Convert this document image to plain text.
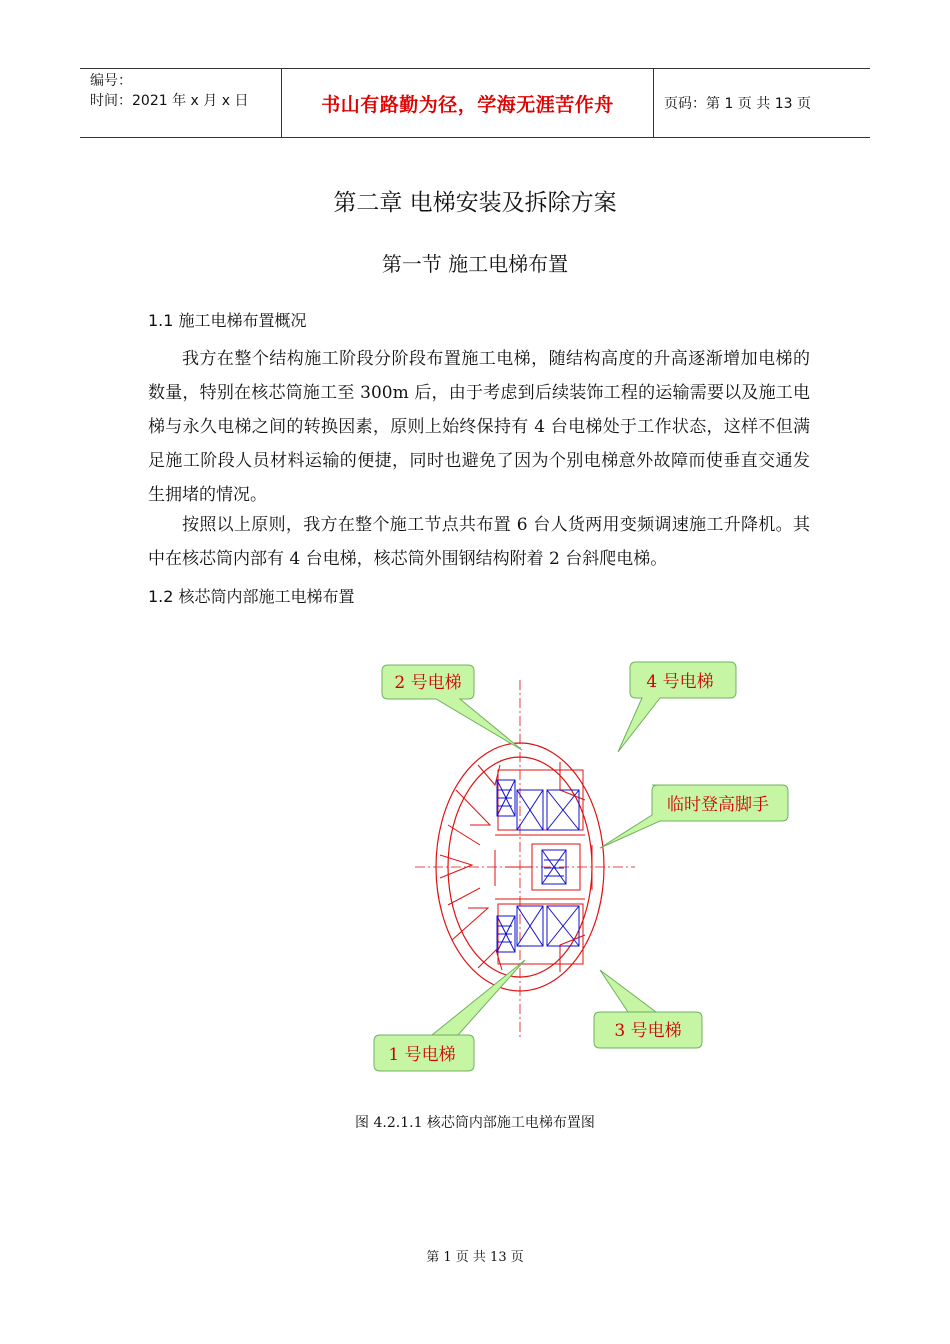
编号：
时间：2021 年 x 月 x 日	书山有路勤为径，学海无涯苦作舟	页码：第 1 页 共 13 页
第二章 电梯安装及拆除方案
第一节 施工电梯布置
1.1 施工电梯布置概况
我方在整个结构施工阶段分阶段布置施工电梯，随结构高度的升高逐渐增加电梯的数量，特别在核芯筒施工至 300m 后，由于考虑到后续装饰工程的运输需要以及施工电梯与永久电梯之间的转换因素，原则上始终保持有 4 台电梯处于工作状态，这样不但满足施工阶段人员材料运输的便捷，同时也避免了因为个别电梯意外故障而使垂直交通发生拥堵的情况。
按照以上原则，我方在整个施工节点共布置 6 台人货两用变频调速施工升降机。其中在核芯筒内部有 4 台电梯，核芯筒外围钢结构附着 2 台斜爬电梯。
1.2 核芯筒内部施工电梯布置
2 号电梯	4 号电梯
临时登高脚手
1 号电梯
3 号电梯
图 4.2.1.1 核芯筒内部施工电梯布置图
第 1 页 共 13 页
